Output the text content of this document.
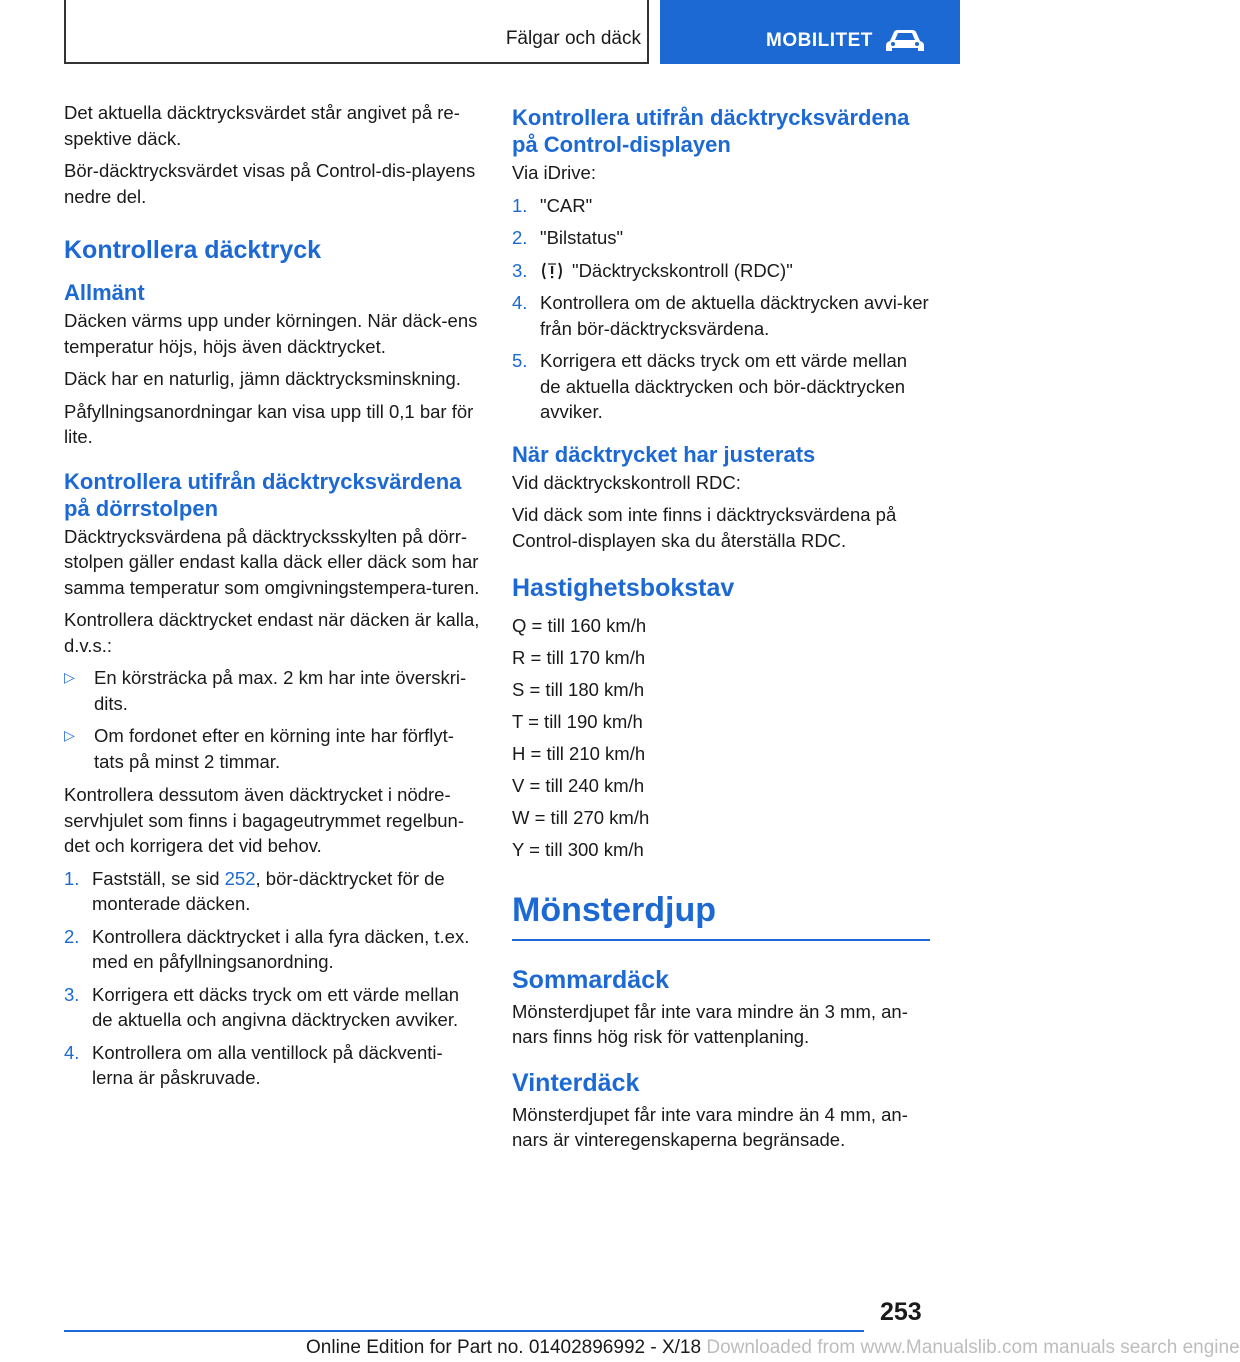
Fälgar och däck	MOBILITET

Det aktuella däcktrycksvärdet står angivet på re-spektive däck.

Bör-däcktrycksvärdet visas på Control-dis-playens nedre del.

Kontrollera däcktryck
Allmänt

Däcken värms upp under körningen. När däck-ens temperatur höjs, höjs även däcktrycket.

Däck har en naturlig, jämn däcktrycksminskning.

Påfyllningsanordningar kan visa upp till 0,1 bar för lite.

Kontrollera utifrån däcktrycksvärdena på dörrstolpen

Däcktrycksvärdena på däcktrycksskylten på dörr-stolpen gäller endast kalla däck eller däck som har samma temperatur som omgivningstempera-turen.

Kontrollera däcktrycket endast när däcken är kalla, d.v.s.:

▷ En körsträcka på max. 2 km har inte överskri-dits.
▷ Om fordonet efter en körning inte har förflyt-tats på minst 2 timmar.

Kontrollera dessutom även däcktrycket i nödre-servhjulet som finns i bagageutrymmet regelbun-det och korrigera det vid behov.

1. Fastställ, se sid 252, bör-däcktrycket för de monterade däcken.
2. Kontrollera däcktrycket i alla fyra däcken, t.ex. med en påfyllningsanordning.
3. Korrigera ett däcks tryck om ett värde mellan de aktuella och angivna däcktrycken avviker.
4. Kontrollera om alla ventillock på däckventi-lerna är påskruvade.
Kontrollera utifrån däcktrycksvärdena på Control-displayen

Via iDrive:

1. "CAR"
2. "Bilstatus"
3. "Däcktryckskontroll (RDC)"
4. Kontrollera om de aktuella däcktrycken avvi-ker från bör-däcktrycksvärdena.
5. Korrigera ett däcks tryck om ett värde mellan de aktuella däcktrycken och bör-däcktrycken avviker.
När däcktrycket har justerats

Vid däcktryckskontroll RDC:

Vid däck som inte finns i däcktrycksvärdena på Control-displayen ska du återställa RDC.

Hastighetsbokstav

Q = till 160 km/h

R = till 170 km/h

S = till 180 km/h

T = till 190 km/h

H = till 210 km/h

V = till 240 km/h

W = till 270 km/h

Y = till 300 km/h

Mönsterdjup
Sommardäck

Mönsterdjupet får inte vara mindre än 3 mm, an-nars finns hög risk för vattenplaning.

Vinterdäck

Mönsterdjupet får inte vara mindre än 4 mm, an-nars är vinteregenskaperna begränsade.

253
Online Edition for Part no. 01402896992 - X/18 Downloaded from www.Manualslib.com manuals search engine
